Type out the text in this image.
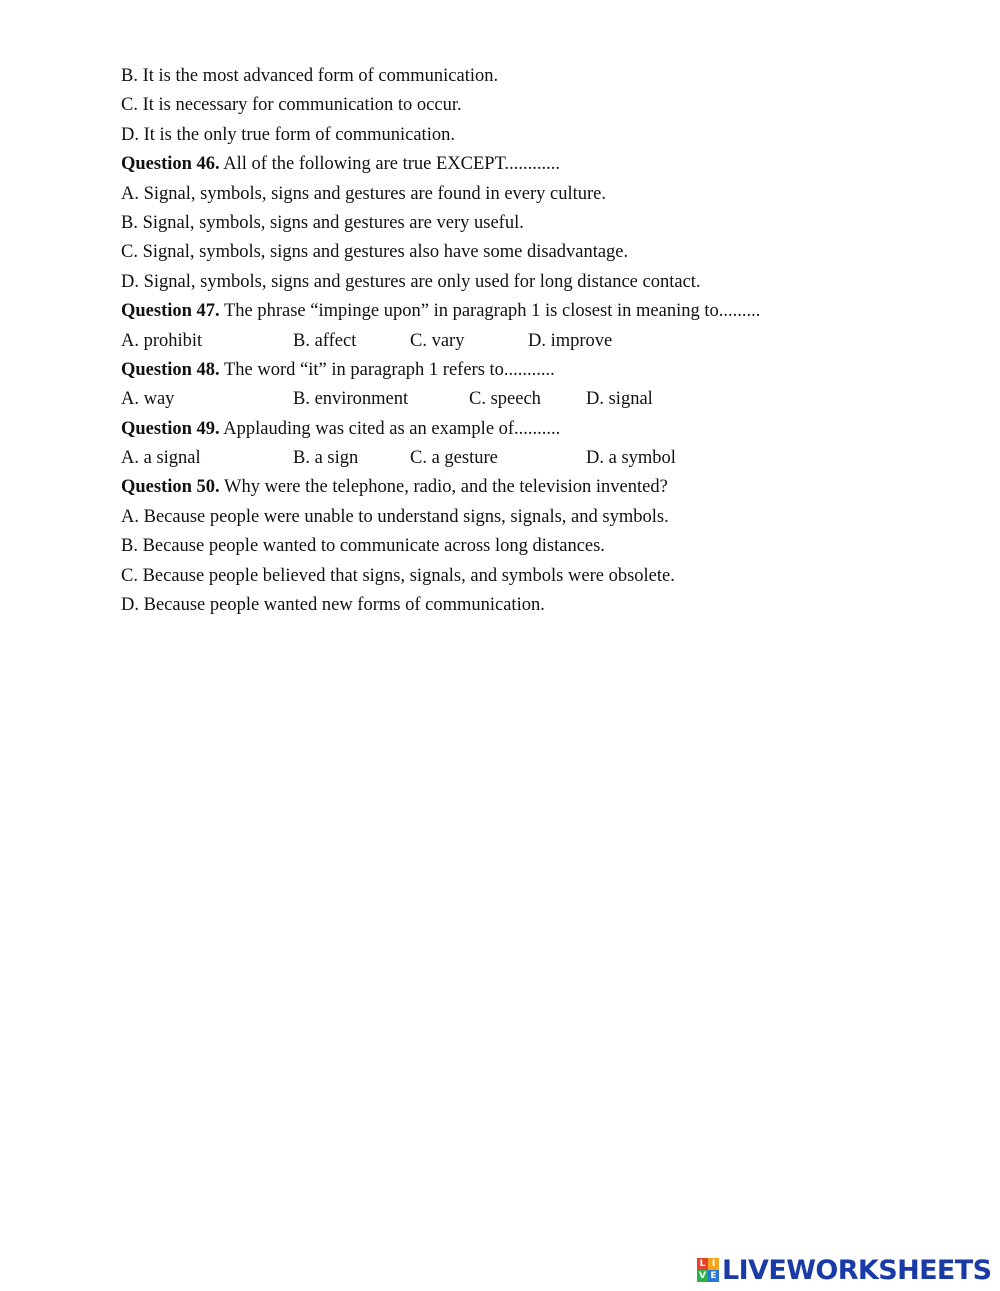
B. It is the most advanced form of communication.
C. It is necessary for communication to occur.
D. It is the only true form of communication.
Question 46. All of the following are true EXCEPT............
A. Signal, symbols, signs and gestures are found in every culture.
B. Signal, symbols, signs and gestures are very useful.
C. Signal, symbols, signs and gestures also have some disadvantage.
D. Signal, symbols, signs and gestures are only used for long distance contact.
Question 47. The phrase “impinge upon” in paragraph 1 is closest in meaning to.........
A. prohibit	B. affect	C. vary	D. improve
Question 48. The word “it” in paragraph 1 refers to...........
A. way	B. environment	C. speech D. signal
Question 49. Applauding was cited as an example of..........
A. a signal	B. a sign	C. a gesture	D. a symbol
Question 50. Why were the telephone, radio, and the television invented?
A. Because people were unable to understand signs, signals, and symbols.
B. Because people wanted to communicate across long distances.
C. Because people believed that signs, signals, and symbols were obsolete.
D. Because people wanted new forms of communication.
L I
V E LIVEWORKSHEETS
